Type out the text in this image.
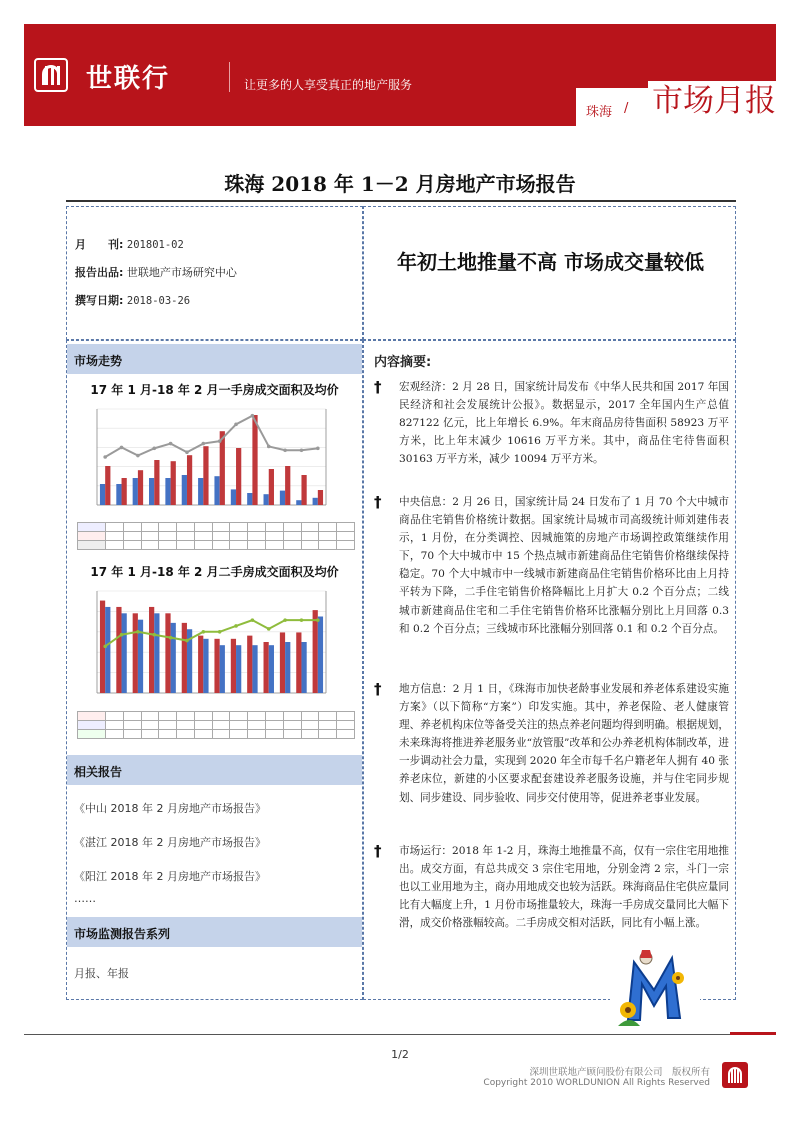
世联行	让更多的人享受真正的地产服务
珠海 / 市场月报
珠海 2018 年 1－2 月房地产市场报告
月　　刊: 201801-02
报告出品: 世联地产市场研究中心
撰写日期: 2018-03-26
年初土地推量不高 市场成交量较低
市场走势
17 年 1 月-18 年 2 月一手房成交面积及均价

17 年 1 月-18 年 2 月二手房成交面积及均价

相关报告
《中山 2018 年 2 月房地产市场报告》
《湛江 2018 年 2 月房地产市场报告》
《阳江 2018 年 2 月房地产市场报告》
……
市场监测报告系列
月报、年报
内容摘要:
† 宏观经济：2 月 28 日，国家统计局发布《中华人民共和国 2017 年国民经济和社会发展统计公报》。数据显示，2017 全年国内生产总值 827122 亿元，比上年增长 6.9%。年末商品房待售面积 58923 万平方米，比上年末减少 10616 万平方米。其中，商品住宅待售面积 30163 万平方米，减少 10094 万平方米。

† 中央信息：2 月 26 日，国家统计局 24 日发布了 1 月 70 个大中城市商品住宅销售价格统计数据。国家统计局城市司高级统计师刘建伟表示，1 月份，在分类调控、因城施策的房地产市场调控政策继续作用下，70 个大中城市中 15 个热点城市新建商品住宅销售价格继续保持稳定。70 个大中城市中一线城市新建商品住宅销售价格环比由上月持平转为下降，二手住宅销售价格降幅比上月扩大 0.2 个百分点；二线城市新建商品住宅和二手住宅销售价格环比涨幅分别比上月回落 0.3 和 0.2 个百分点；三线城市环比涨幅分别回落 0.1 和 0.2 个百分点。

† 地方信息：2 月 1 日，《珠海市加快老龄事业发展和养老体系建设实施方案》（以下简称“方案”）印发实施。其中，养老保险、老人健康管理、养老机构床位等备受关注的热点养老问题均得到明确。根据规划，未来珠海将推进养老服务业“放管服”改革和公办养老机构体制改革，进一步调动社会力量，实现到 2020 年全市每千名户籍老年人拥有 40 张养老床位，新建的小区要求配套建设养老服务设施，并与住宅同步规划、同步建设、同步验收、同步交付使用等，促进养老事业发展。

† 市场运行：2018 年 1-2 月，珠海土地推量不高，仅有一宗住宅用地推出。成交方面，有总共成交 3 宗住宅用地，分别金湾 2 宗，斗门一宗也以工业用地为主，商办用地成交也较为活跃。珠海商品住宅供应量同比有大幅度上升，1 月份市场推量较大，珠海一手房成交量同比大幅下滑，成交价格涨幅较高。二手房成交相对活跃，同比有小幅上涨。

1/2
深圳世联地产顾问股份有限公司　版权所有
Copyright 2010 WORLDUNION All Rights Reserved
